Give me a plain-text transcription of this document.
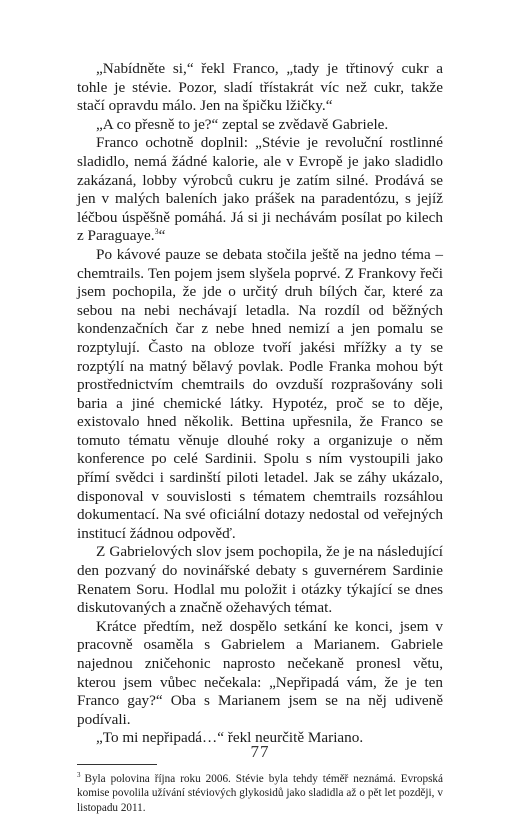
„Nabídněte si,“ řekl Franco, „tady je třtinový cukr a tohle je stévie. Pozor, sladí třístakrát víc než cukr, takže stačí opravdu málo. Jen na špičku lžičky.“

„A co přesně to je?“ zeptal se zvědavě Gabriele.

Franco ochotně doplnil: „Stévie je revoluční rostlinné sladidlo, nemá žádné kalorie, ale v Evropě je jako sladidlo zakázaná, lobby výrobců cukru je zatím silné. Prodává se jen v malých baleních jako prášek na paradentózu, s jejíž léčbou úspěšně pomáhá. Já si ji nechávám posílat po kilech z Paraguaye.$^3$“

Po kávové pauze se debata stočila ještě na jedno téma – chemtrails. Ten pojem jsem slyšela poprvé. Z Frankovy řeči jsem pochopila, že jde o určitý druh bílých čar, které za sebou na nebi nechávají letadla. Na rozdíl od běžných kondenzačních čar z nebe hned nemizí a jen pomalu se rozptylují. Často na obloze tvoří jakési mřížky a ty se rozptýlí na matný bělavý povlak. Podle Franka mohou být prostřednictvím chemtrails do ovzduší rozprašovány soli baria a jiné chemické látky. Hypotéz, proč se to děje, existovalo hned několik. Bettina upřesnila, že Franco se tomuto tématu věnuje dlouhé roky a organizuje o něm konference po celé Sardinii. Spolu s ním vystoupili jako přímí svědci i sardinští piloti letadel. Jak se záhy ukázalo, disponoval v souvislosti s tématem chemtrails rozsáhlou dokumentací. Na své oficiální dotazy nedostal od veřejných institucí žádnou odpověď.

Z Gabrielových slov jsem pochopila, že je na následující den pozvaný do novinářské debaty s guvernérem Sardinie Renatem Soru. Hodlal mu položit i otázky týkající se dnes diskutovaných a značně ožehavých témat.

Krátce předtím, než dospělo setkání ke konci, jsem v pracovně osaměla s Gabrielem a Marianem. Gabriele najednou zničehonic naprosto nečekaně pronesl větu, kterou jsem vůbec nečekala: „Nepřipadá vám, že je ten Franco gay?“ Oba s Marianem jsem se na něj udiveně podívali.

„To mi nepřipadá…“ řekl neurčitě Mariano.

$^3$ Byla polovina října roku 2006. Stévie byla tehdy téměř neznámá. Evropská komise povolila užívání stéviových glykosidů jako sladidla až o pět let později, v listopadu 2011.

77
